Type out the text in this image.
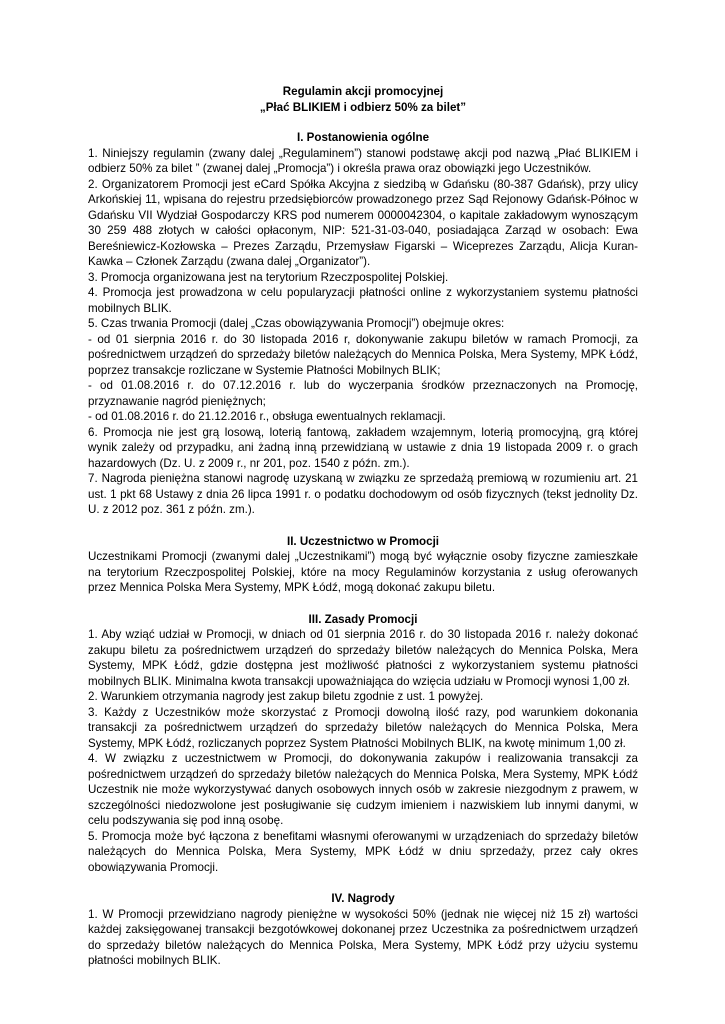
Regulamin akcji promocyjnej

„Płać BLIKIEM i odbierz 50% za bilet”

I. Postanowienia ogólne

1. Niniejszy regulamin (zwany dalej „Regulaminem”) stanowi podstawę akcji pod nazwą „Płać BLIKIEM i odbierz 50% za bilet ” (zwanej dalej „Promocja”) i określa prawa oraz obowiązki jego Uczestników.

2. Organizatorem Promocji jest eCard Spółka Akcyjna z siedzibą w Gdańsku (80-387 Gdańsk), przy ulicy Arkońskiej 11, wpisana do rejestru przedsiębiorców prowadzonego przez Sąd Rejonowy Gdańsk-Północ w Gdańsku VII Wydział Gospodarczy KRS pod numerem 0000042304, o kapitale zakładowym wynoszącym 30 259 488 złotych w całości opłaconym, NIP: 521-31-03-040, posiadająca Zarząd w osobach: Ewa Bereśniewicz-Kozłowska – Prezes Zarządu, Przemysław Figarski – Wiceprezes Zarządu, Alicja Kuran-Kawka – Członek Zarządu (zwana dalej „Organizator”).

3. Promocja organizowana jest na terytorium Rzeczpospolitej Polskiej.

4. Promocja jest prowadzona w celu popularyzacji płatności online z wykorzystaniem systemu płatności mobilnych BLIK.

5. Czas trwania Promocji (dalej „Czas obowiązywania Promocji”) obejmuje okres:

- od 01 sierpnia 2016 r. do 30 listopada 2016 r, dokonywanie zakupu biletów w ramach Promocji, za pośrednictwem urządzeń do sprzedaży biletów należących do Mennica Polska, Mera Systemy, MPK Łódź, poprzez transakcje rozliczane w Systemie Płatności Mobilnych BLIK;

- od 01.08.2016 r. do 07.12.2016 r. lub do wyczerpania środków przeznaczonych na Promocję, przyznawanie nagród pieniężnych;

- od 01.08.2016 r. do 21.12.2016 r., obsługa ewentualnych reklamacji.

6. Promocja nie jest grą losową, loterią fantową, zakładem wzajemnym, loterią promocyjną, grą której wynik zależy od przypadku, ani żadną inną przewidzianą w ustawie z dnia 19 listopada 2009 r. o grach hazardowych (Dz. U. z 2009 r., nr 201, poz. 1540 z późn. zm.).

7. Nagroda pieniężna stanowi nagrodę uzyskaną w związku ze sprzedażą premiową w rozumieniu art. 21 ust. 1 pkt 68 Ustawy z dnia 26 lipca 1991 r. o podatku dochodowym od osób fizycznych (tekst jednolity Dz. U. z 2012 poz. 361 z późn. zm.).

II. Uczestnictwo w Promocji

Uczestnikami Promocji (zwanymi dalej „Uczestnikami”) mogą być wyłącznie osoby fizyczne zamieszkałe na terytorium Rzeczpospolitej Polskiej, które na mocy Regulaminów korzystania z usług oferowanych przez Mennica Polska Mera Systemy, MPK Łódź, mogą dokonać zakupu biletu.

III. Zasady Promocji

1. Aby wziąć udział w Promocji, w dniach od 01 sierpnia 2016 r. do 30 listopada 2016 r. należy dokonać zakupu biletu za pośrednictwem urządzeń do sprzedaży biletów należących do Mennica Polska, Mera Systemy, MPK Łódź, gdzie dostępna jest możliwość płatności z wykorzystaniem systemu płatności mobilnych BLIK. Minimalna kwota transakcji upoważniająca do wzięcia udziału w Promocji wynosi 1,00 zł.

2. Warunkiem otrzymania nagrody jest zakup biletu zgodnie z ust. 1 powyżej.

3. Każdy z Uczestników może skorzystać z Promocji dowolną ilość razy, pod warunkiem dokonania transakcji za pośrednictwem urządzeń do sprzedaży biletów należących do Mennica Polska, Mera Systemy, MPK Łódź, rozliczanych poprzez System Płatności Mobilnych BLIK, na kwotę minimum 1,00 zł.

4. W związku z uczestnictwem w Promocji, do dokonywania zakupów i realizowania transakcji za pośrednictwem urządzeń do sprzedaży biletów należących do Mennica Polska, Mera Systemy, MPK Łódź Uczestnik nie może wykorzystywać danych osobowych innych osób w zakresie niezgodnym z prawem, w szczególności niedozwolone jest posługiwanie się cudzym imieniem i nazwiskiem lub innymi danymi, w celu podszywania się pod inną osobę.

5. Promocja może być łączona z benefitami własnymi oferowanymi w urządzeniach do sprzedaży biletów należących do Mennica Polska, Mera Systemy, MPK Łódź w dniu sprzedaży, przez cały okres obowiązywania Promocji.

IV. Nagrody

1. W Promocji przewidziano nagrody pieniężne w wysokości 50% (jednak nie więcej niż 15 zł) wartości każdej zaksięgowanej transakcji bezgotówkowej dokonanej przez Uczestnika za pośrednictwem urządzeń do sprzedaży biletów należących do Mennica Polska, Mera Systemy, MPK Łódź przy użyciu systemu płatności mobilnych BLIK.
